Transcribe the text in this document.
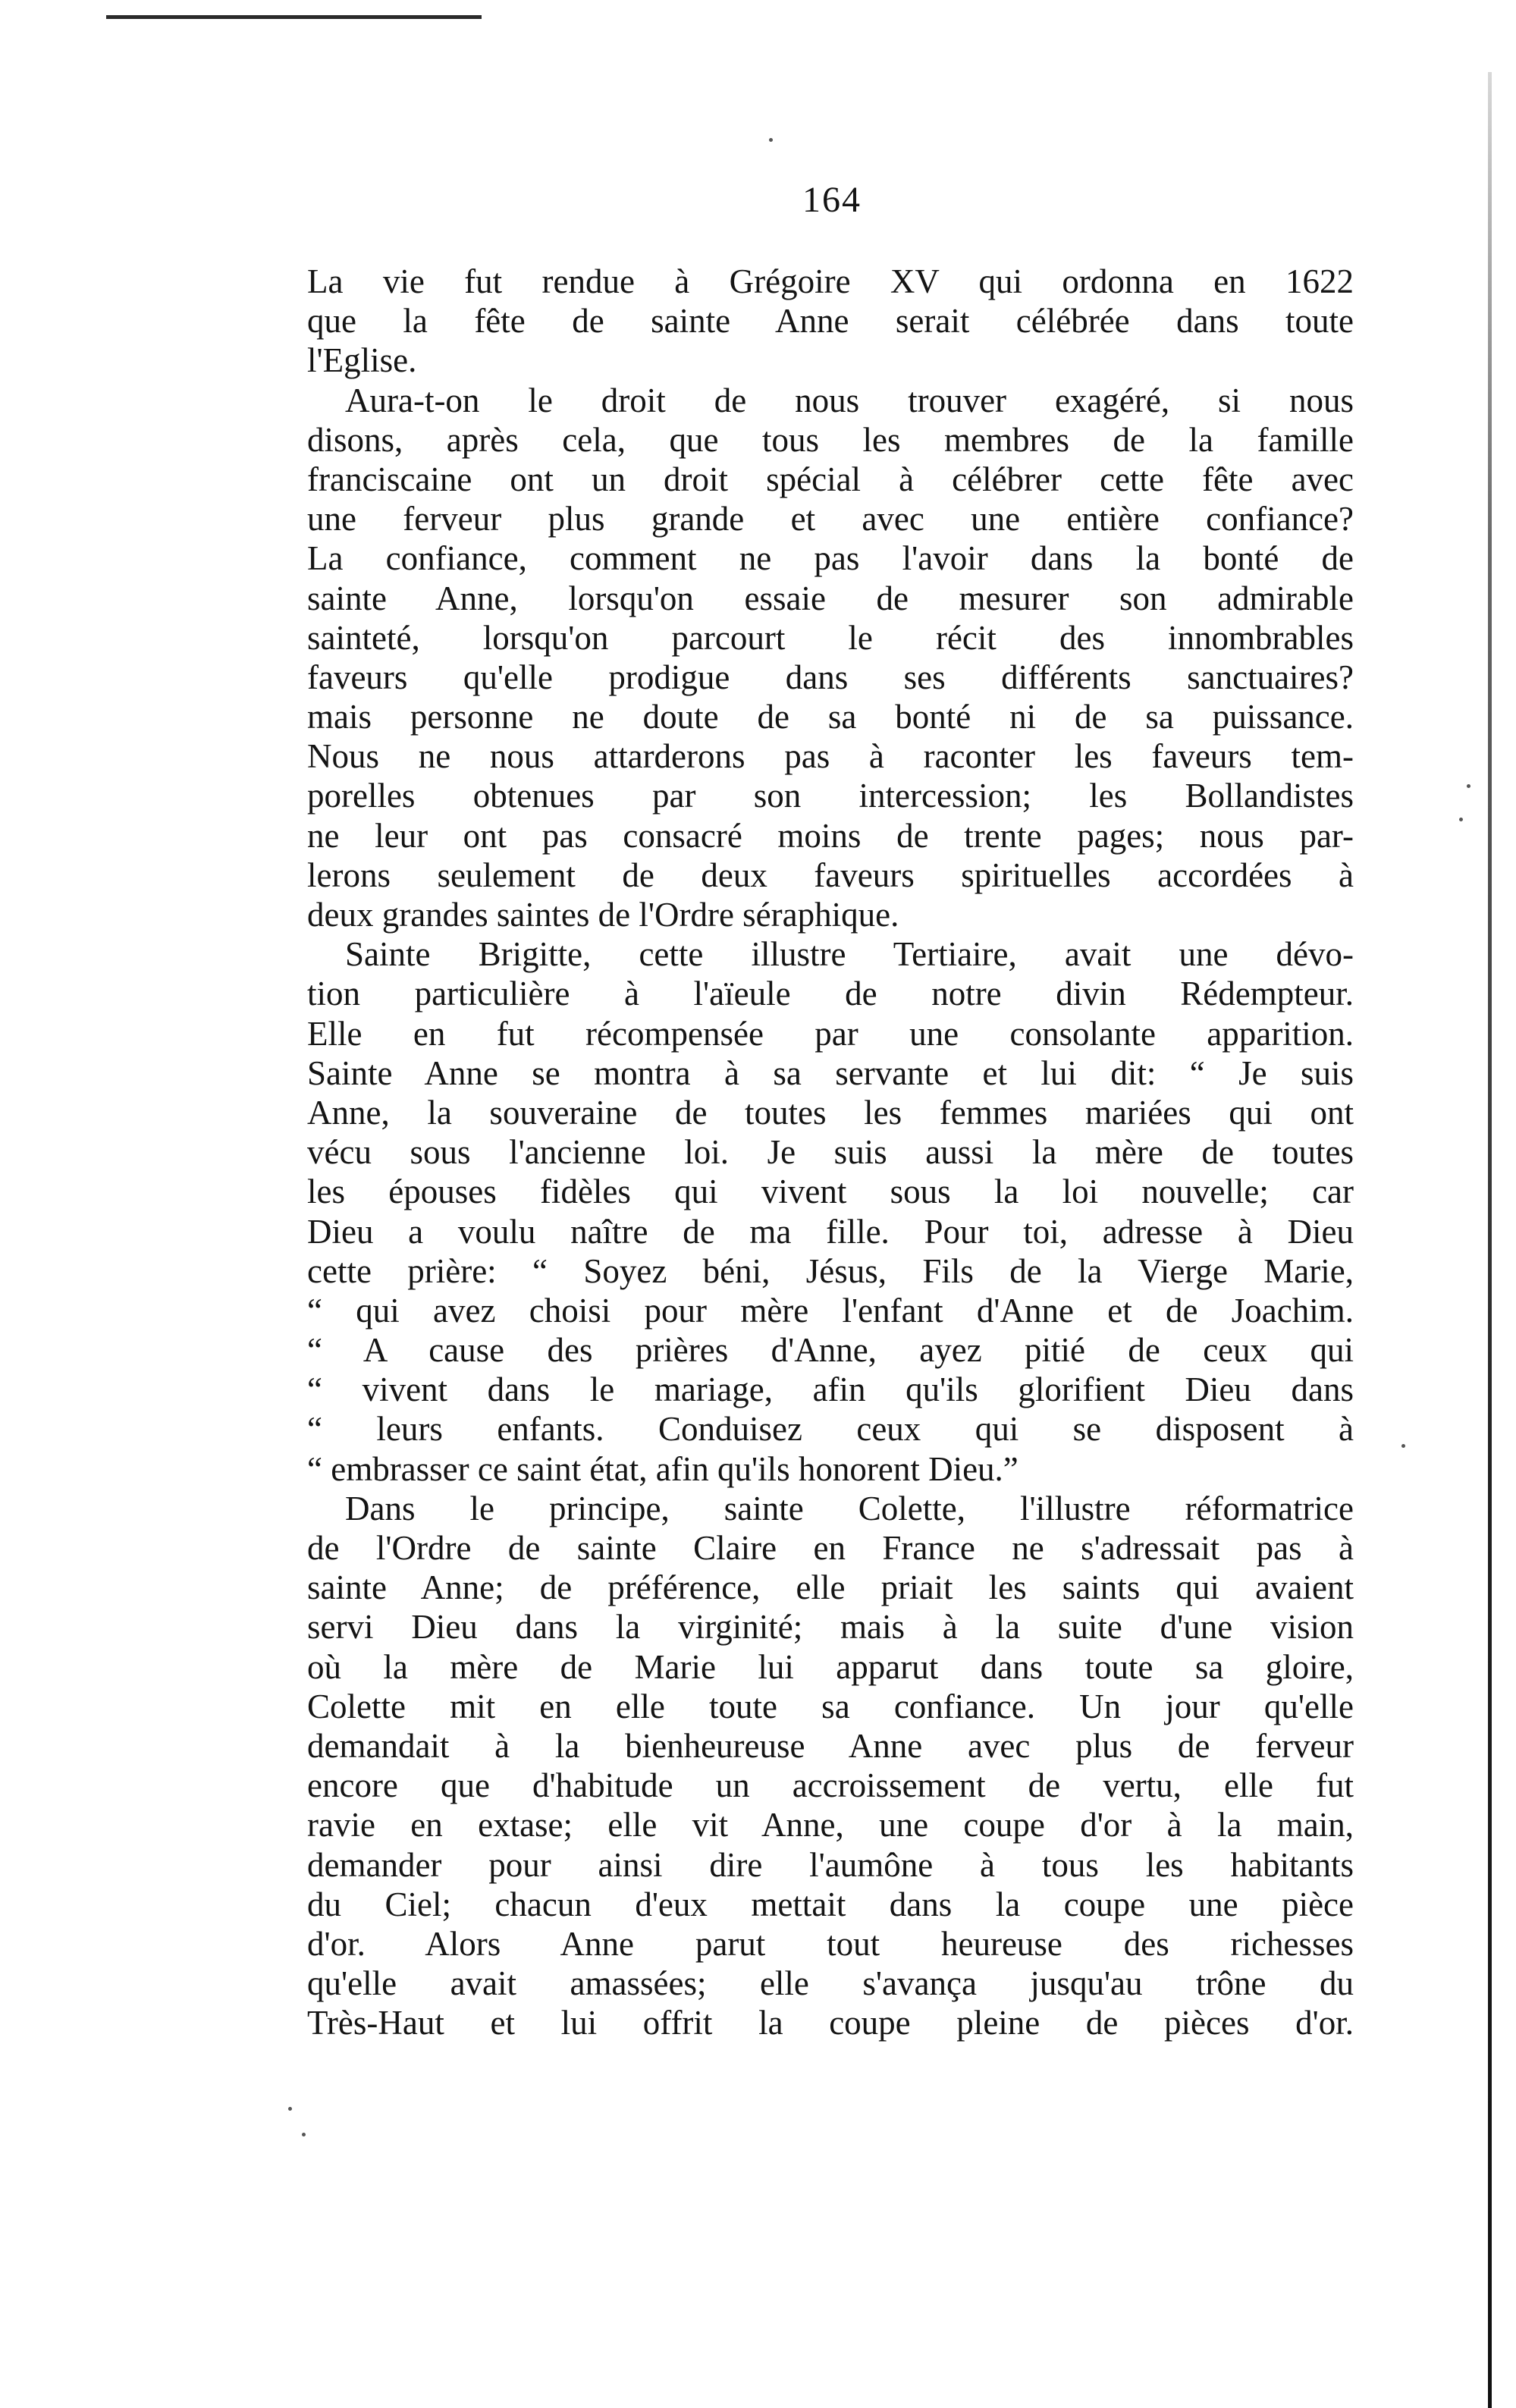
164
La vie fut rendue à Grégoire XV qui ordonna en 1622
que la fête de sainte Anne serait célébrée dans toute
l'Eglise.
Aura-t-on le droit de nous trouver exagéré, si nous
disons, après cela, que tous les membres de la famille
franciscaine ont un droit spécial à célébrer cette fête avec
une ferveur plus grande et avec une entière confiance?
La confiance, comment ne pas l'avoir dans la bonté de
sainte Anne, lorsqu'on essaie de mesurer son admirable
sainteté, lorsqu'on parcourt le récit des innombrables
faveurs qu'elle prodigue dans ses différents sanctuaires?
mais personne ne doute de sa bonté ni de sa puissance.
Nous ne nous attarderons pas à raconter les faveurs tem-
porelles obtenues par son intercession; les Bollandistes
ne leur ont pas consacré moins de trente pages; nous par-
lerons seulement de deux faveurs spirituelles accordées à
deux grandes saintes de l'Ordre séraphique.
Sainte Brigitte, cette illustre Tertiaire, avait une dévo-
tion particulière à l'aïeule de notre divin Rédempteur.
Elle en fut récompensée par une consolante apparition.
Sainte Anne se montra à sa servante et lui dit: “ Je suis
Anne, la souveraine de toutes les femmes mariées qui ont
vécu sous l'ancienne loi. Je suis aussi la mère de toutes
les épouses fidèles qui vivent sous la loi nouvelle; car
Dieu a voulu naître de ma fille. Pour toi, adresse à Dieu
cette prière: “ Soyez béni, Jésus, Fils de la Vierge Marie,
“ qui avez choisi pour mère l'enfant d'Anne et de Joachim.
“ A cause des prières d'Anne, ayez pitié de ceux qui
“ vivent dans le mariage, afin qu'ils glorifient Dieu dans
“ leurs enfants. Conduisez ceux qui se disposent à
“ embrasser ce saint état, afin qu'ils honorent Dieu.”
Dans le principe, sainte Colette, l'illustre réformatrice
de l'Ordre de sainte Claire en France ne s'adressait pas à
sainte Anne; de préférence, elle priait les saints qui avaient
servi Dieu dans la virginité; mais à la suite d'une vision
où la mère de Marie lui apparut dans toute sa gloire,
Colette mit en elle toute sa confiance. Un jour qu'elle
demandait à la bienheureuse Anne avec plus de ferveur
encore que d'habitude un accroissement de vertu, elle fut
ravie en extase; elle vit Anne, une coupe d'or à la main,
demander pour ainsi dire l'aumône à tous les habitants
du Ciel; chacun d'eux mettait dans la coupe une pièce
d'or. Alors Anne parut tout heureuse des richesses
qu'elle avait amassées; elle s'avança jusqu'au trône du
Très-Haut et lui offrit la coupe pleine de pièces d'or.
